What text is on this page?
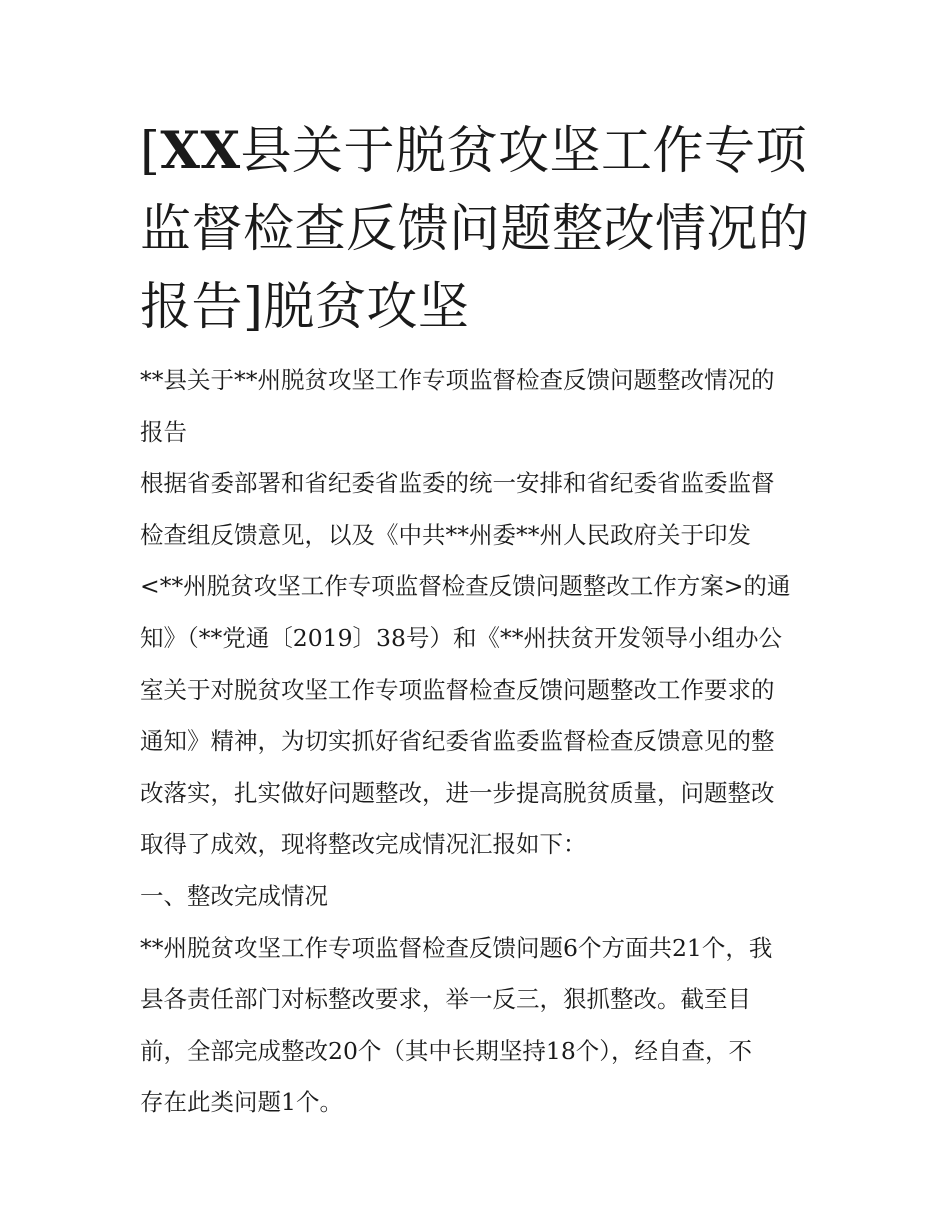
[XX县关于脱贫攻坚工作专项
监督检查反馈问题整改情况的
报告]脱贫攻坚
**县关于**州脱贫攻坚工作专项监督检查反馈问题整改情况的
报告
根据省委部署和省纪委省监委的统一安排和省纪委省监委监督
检查组反馈意见，以及《中共**州委**州人民政府关于印发
<**州脱贫攻坚工作专项监督检查反馈问题整改工作方案>的通
知》（**党通〔2019〕38号）和《**州扶贫开发领导小组办公
室关于对脱贫攻坚工作专项监督检查反馈问题整改工作要求的
通知》精神，为切实抓好省纪委省监委监督检查反馈意见的整
改落实，扎实做好问题整改，进一步提高脱贫质量，问题整改
取得了成效，现将整改完成情况汇报如下：
一、整改完成情况
**州脱贫攻坚工作专项监督检查反馈问题6个方面共21个，我
县各责任部门对标整改要求，举一反三，狠抓整改。截至目
前，全部完成整改20个（其中长期坚持18个），经自查，不
存在此类问题1个。
